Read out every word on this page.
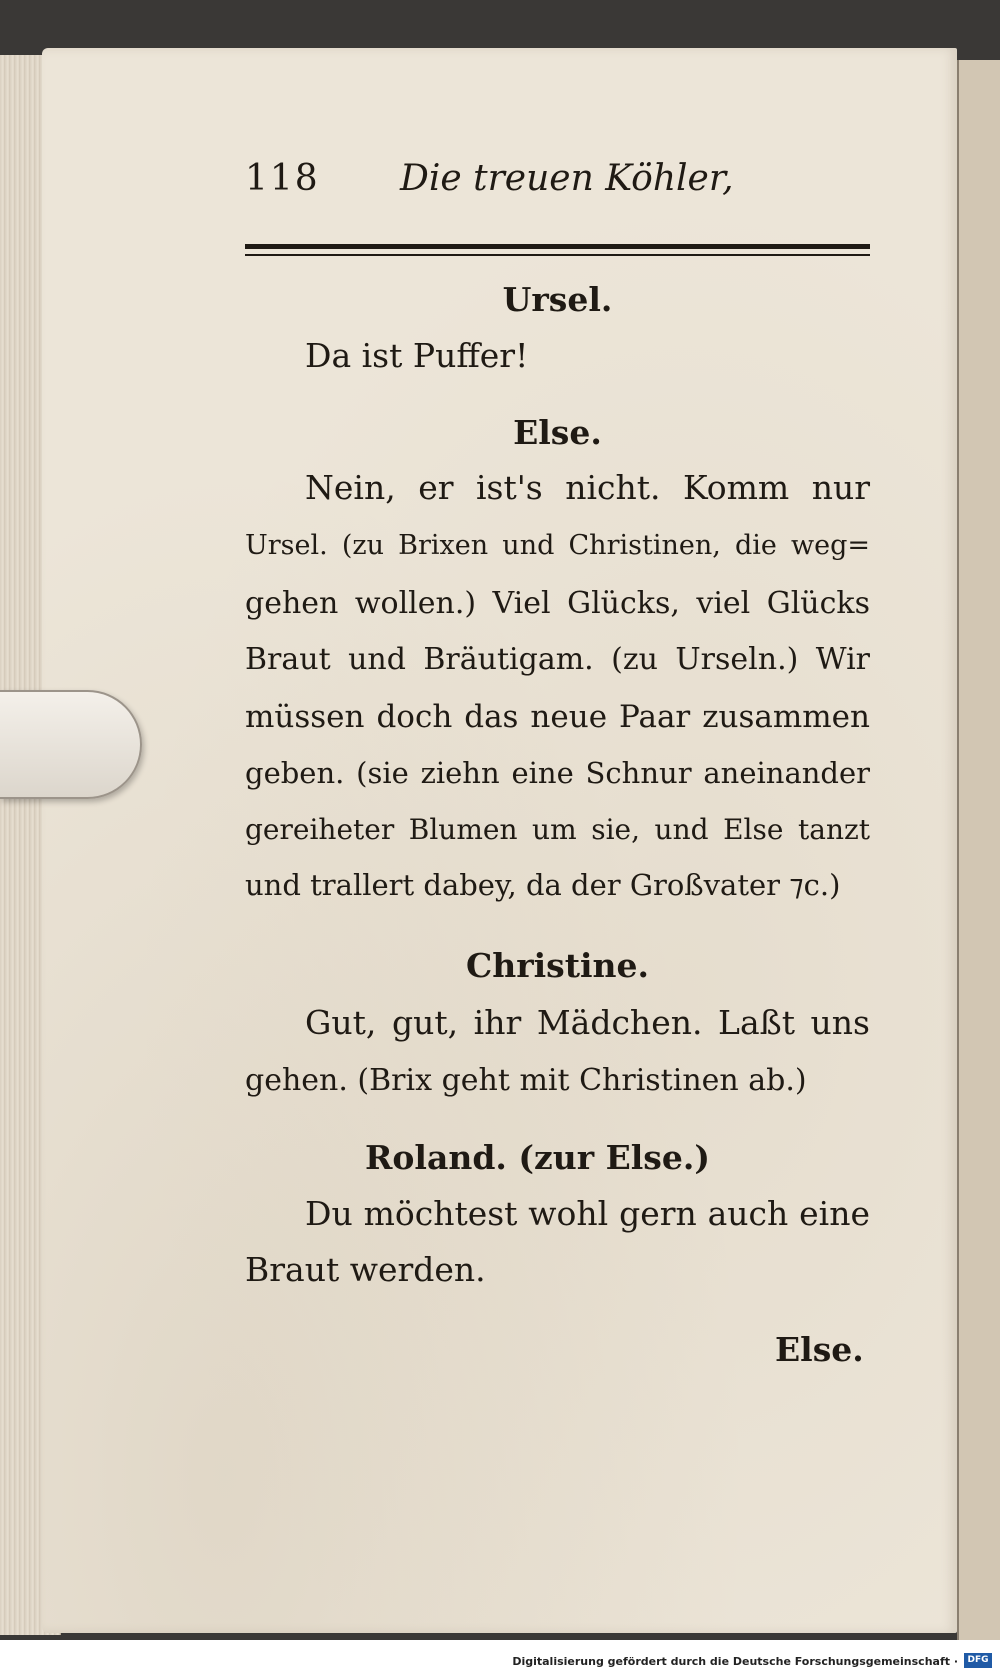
118 Die treuen Köhler,
Ursel.
Da ist Puffer!
Else.
Nein, er ist's nicht. Komm nur
Ursel. (zu Brixen und Christinen, die weg=
gehen wollen.) Viel Glücks, viel Glücks
Braut und Bräutigam. (zu Urseln.) Wir
müssen doch das neue Paar zusammen
geben. (sie ziehn eine Schnur aneinander
gereiheter Blumen um sie, und Else tanzt
und trallert dabey, da der Großvater ⁊c.)
Christine.
Gut, gut, ihr Mädchen. Laßt uns
gehen. (Brix geht mit Christinen ab.)
Roland. (zur Else.)
Du möchtest wohl gern auch eine
Braut werden.
Else.
Digitalisierung gefördert durch die Deutsche Forschungsgemeinschaft ·	DFG
